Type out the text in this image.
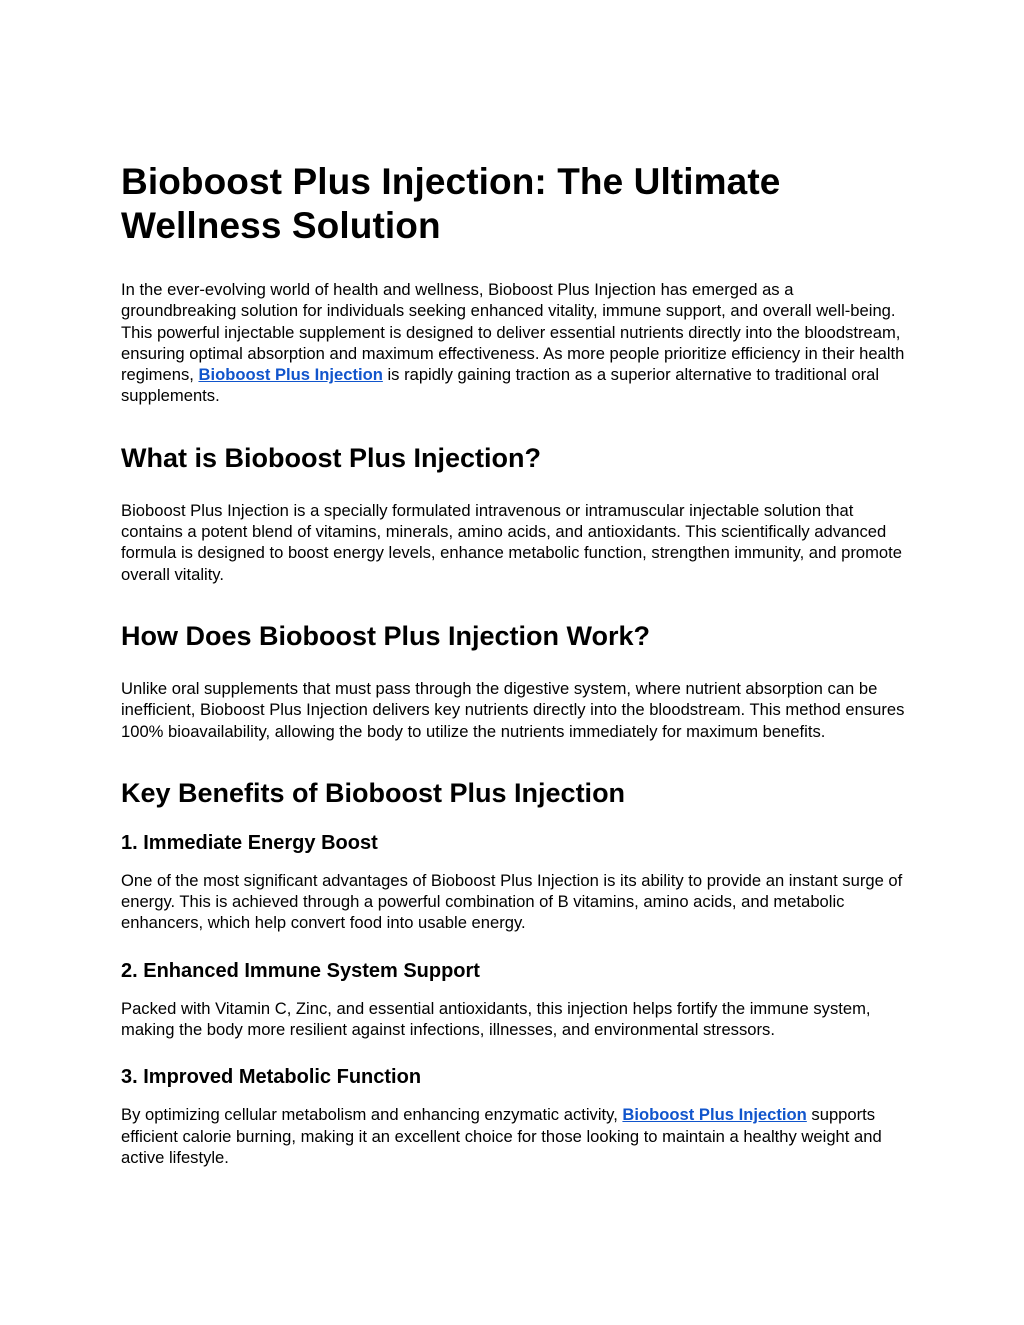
Bioboost Plus Injection: The Ultimate Wellness Solution

In the ever-evolving world of health and wellness, Bioboost Plus Injection has emerged as a groundbreaking solution for individuals seeking enhanced vitality, immune support, and overall well-being. This powerful injectable supplement is designed to deliver essential nutrients directly into the bloodstream, ensuring optimal absorption and maximum effectiveness. As more people prioritize efficiency in their health regimens, Bioboost Plus Injection is rapidly gaining traction as a superior alternative to traditional oral supplements.

What is Bioboost Plus Injection?

Bioboost Plus Injection is a specially formulated intravenous or intramuscular injectable solution that contains a potent blend of vitamins, minerals, amino acids, and antioxidants. This scientifically advanced formula is designed to boost energy levels, enhance metabolic function, strengthen immunity, and promote overall vitality.

How Does Bioboost Plus Injection Work?

Unlike oral supplements that must pass through the digestive system, where nutrient absorption can be inefficient, Bioboost Plus Injection delivers key nutrients directly into the bloodstream. This method ensures 100% bioavailability, allowing the body to utilize the nutrients immediately for maximum benefits.

Key Benefits of Bioboost Plus Injection
1. Immediate Energy Boost

One of the most significant advantages of Bioboost Plus Injection is its ability to provide an instant surge of energy. This is achieved through a powerful combination of B vitamins, amino acids, and metabolic enhancers, which help convert food into usable energy.

2. Enhanced Immune System Support

Packed with Vitamin C, Zinc, and essential antioxidants, this injection helps fortify the immune system, making the body more resilient against infections, illnesses, and environmental stressors.

3. Improved Metabolic Function

By optimizing cellular metabolism and enhancing enzymatic activity, Bioboost Plus Injection supports efficient calorie burning, making it an excellent choice for those looking to maintain a healthy weight and active lifestyle.
